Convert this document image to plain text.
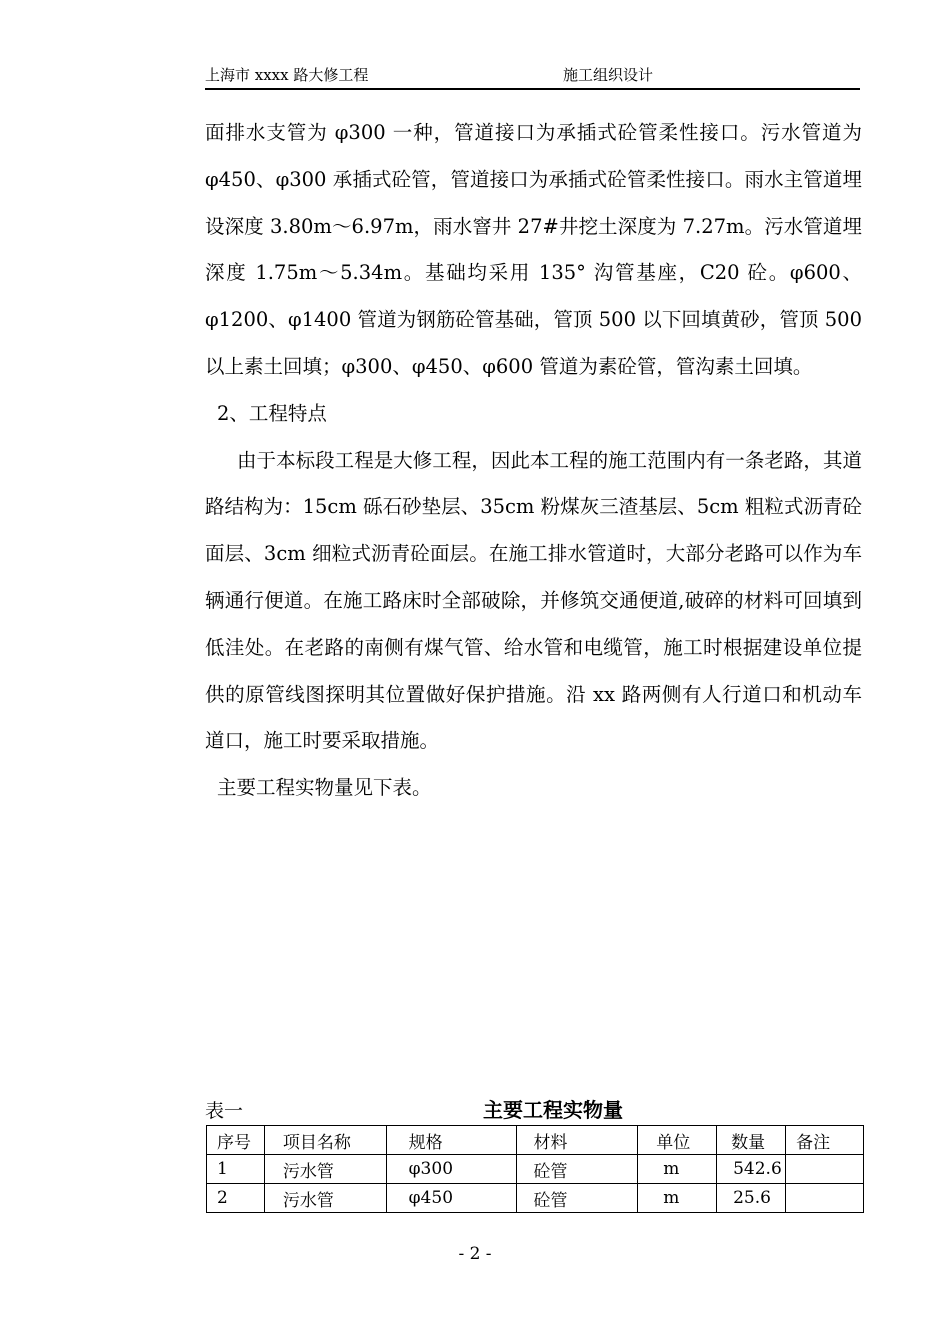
上海市 xxxx 路大修工程	施工组织设计

面排水支管为 φ300 一种，管道接口为承插式砼管柔性接口。污水管道为 φ450、φ300 承插式砼管，管道接口为承插式砼管柔性接口。雨水主管道埋设深度 3.80m～6.97m，雨水窨井 27#井挖土深度为 7.27m。污水管道埋深度 1.75m～5.34m。基础均采用 135° 沟管基座，C20 砼。φ600、φ1200、φ1400 管道为钢筋砼管基础，管顶 500 以下回填黄砂，管顶 500 以上素土回填；φ300、φ450、φ600 管道为素砼管，管沟素土回填。

2、工程特点

由于本标段工程是大修工程，因此本工程的施工范围内有一条老路，其道路结构为：15cm 砾石砂垫层、35cm 粉煤灰三渣基层、5cm 粗粒式沥青砼面层、3cm 细粒式沥青砼面层。在施工排水管道时，大部分老路可以作为车辆通行便道。在施工路床时全部破除，并修筑交通便道,破碎的材料可回填到低洼处。在老路的南侧有煤气管、给水管和电缆管，施工时根据建设单位提供的原管线图探明其位置做好保护措施。沿 xx 路两侧有人行道口和机动车道口，施工时要采取措施。

主要工程实物量见下表。

表一	主要工程实物量
序号	项目名称	规格	材料	单位	数量	备注
1	污水管	φ300	砼管	m	542.6	
2	污水管	φ450	砼管	m	25.6	
- 2 -
